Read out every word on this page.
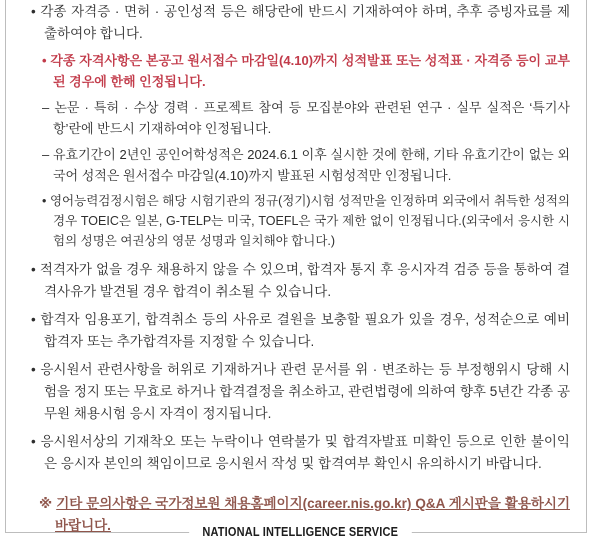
• 각종 자격증 · 면허 · 공인성적 등은 해당란에 반드시 기재하여야 하며, 추후 증빙자료를 제출하여야 합니다.
• 각종 자격사항은 본공고 원서접수 마감일(4.10)까지 성적발표 또는 성적표 · 자격증 등이 교부된 경우에 한해 인정됩니다.
– 논문 · 특허 · 수상 경력 · 프로젝트 참여 등 모집분야와 관련된 연구 · 실무 실적은 ‘특기사항’란에 반드시 기재하여야 인정됩니다.
– 유효기간이 2년인 공인어학성적은 2024.6.1 이후 실시한 것에 한해, 기타 유효기간이 없는 외국어 성적은 원서접수 마감일(4.10)까지 발표된 시험성적만 인정됩니다.
• 영어능력검정시험은 해당 시험기관의 정규(정기)시험 성적만을 인정하며 외국에서 취득한 성적의 경우 TOEIC은 일본, G-TELP는 미국, TOEFL은 국가 제한 없이 인정됩니다.(외국에서 응시한 시험의 성명은 여권상의 영문 성명과 일치해야 합니다.)
• 적격자가 없을 경우 채용하지 않을 수 있으며, 합격자 통지 후 응시자격 검증 등을 통하여 결격사유가 발견될 경우 합격이 취소될 수 있습니다.
• 합격자 임용포기, 합격취소 등의 사유로 결원을 보충할 필요가 있을 경우, 성적순으로 예비합격자 또는 추가합격자를 지정할 수 있습니다.
• 응시원서 관련사항을 허위로 기재하거나 관련 문서를 위 · 변조하는 등 부정행위시 당해 시험을 정지 또는 무효로 하거나 합격결정을 취소하고, 관련법령에 의하여 향후 5년간 각종 공무원 채용시험 응시 자격이 정지됩니다.
• 응시원서상의 기재착오 또는 누락이나 연락불가 및 합격자발표 미확인 등으로 인한 불이익은 응시자 본인의 책임이므로 응시원서 작성 및 합격여부 확인시 유의하시기 바랍니다.
※ 기타 문의사항은 국가정보원 채용홈페이지(career.nis.go.kr) Q&A 게시판을 활용하시기 바랍니다.	NATIONAL INTELLIGENCE SERVICE
